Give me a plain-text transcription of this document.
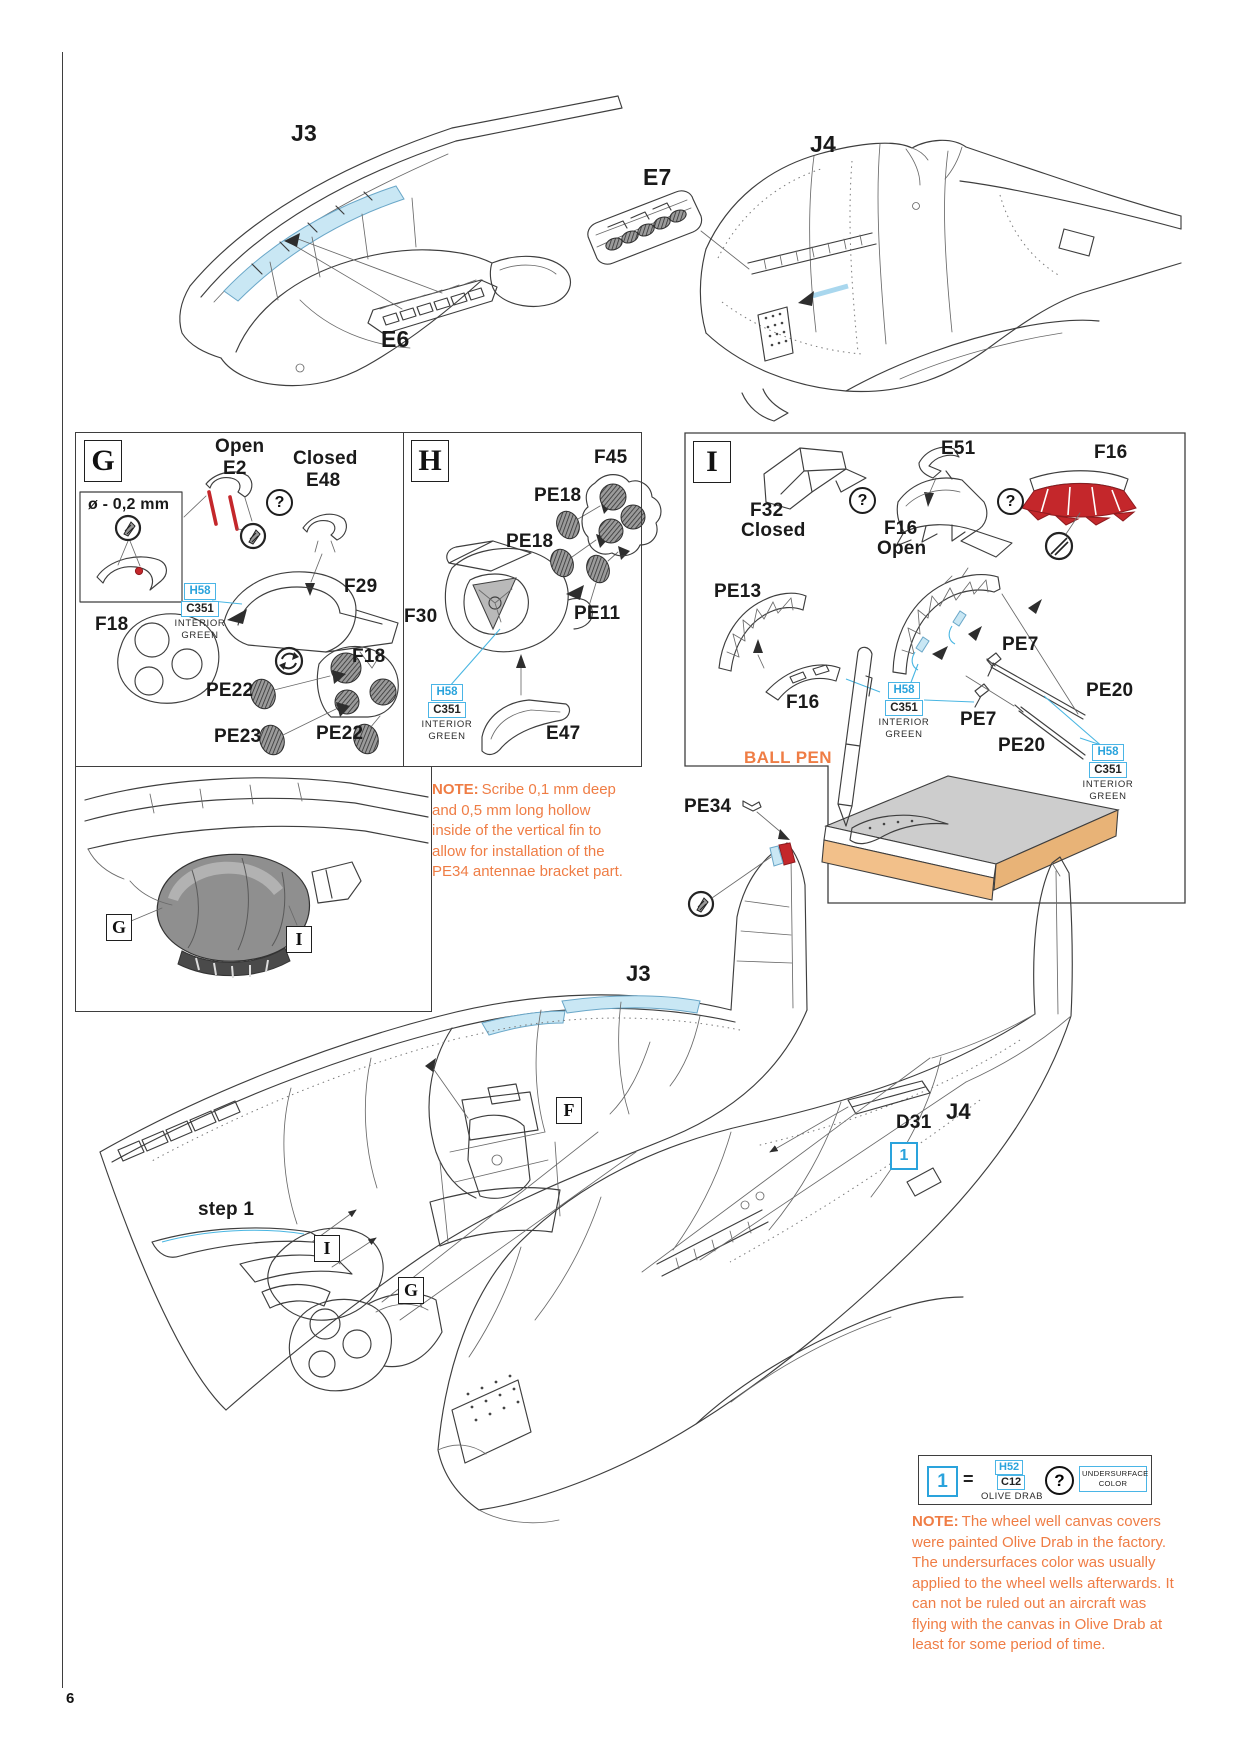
J3
E6
E7
J4
G	Open
E2
?
Closed
E48
ø - 0,2 mm
F29
F18
F18
PE22
PE23	PE22
H58
C351
INTERIOR
GREEN
H
PE18
PE18
F45
PE11
F30
E47
H58
C351
INTERIOR
GREEN
I
F32
Closed
?
E51
F16
Open
?
F16
PE13
F16
PE7
PE20
PE7
PE20
BALL PEN
H58
C351
INTERIOR
GREEN
H58
C351
INTERIOR
GREEN
G
I
NOTE: Scribe 0,1 mm deep and 0,5 mm long hollow inside of the vertical fin to allow for installation of the PE34 antennae bracket part.
PE34
J3
D31
1
F	J4
step 1
I
G
1 =
H52
C12
OLIVE DRAB
?	UNDERSURFACE
COLOR
NOTE: The wheel well canvas covers were painted Olive Drab in the factory. The undersurfaces color was usually applied to the wheel wells afterwards. It can not be ruled out an aircraft was flying with the canvas in Olive Drab at least for some period of time.
6
